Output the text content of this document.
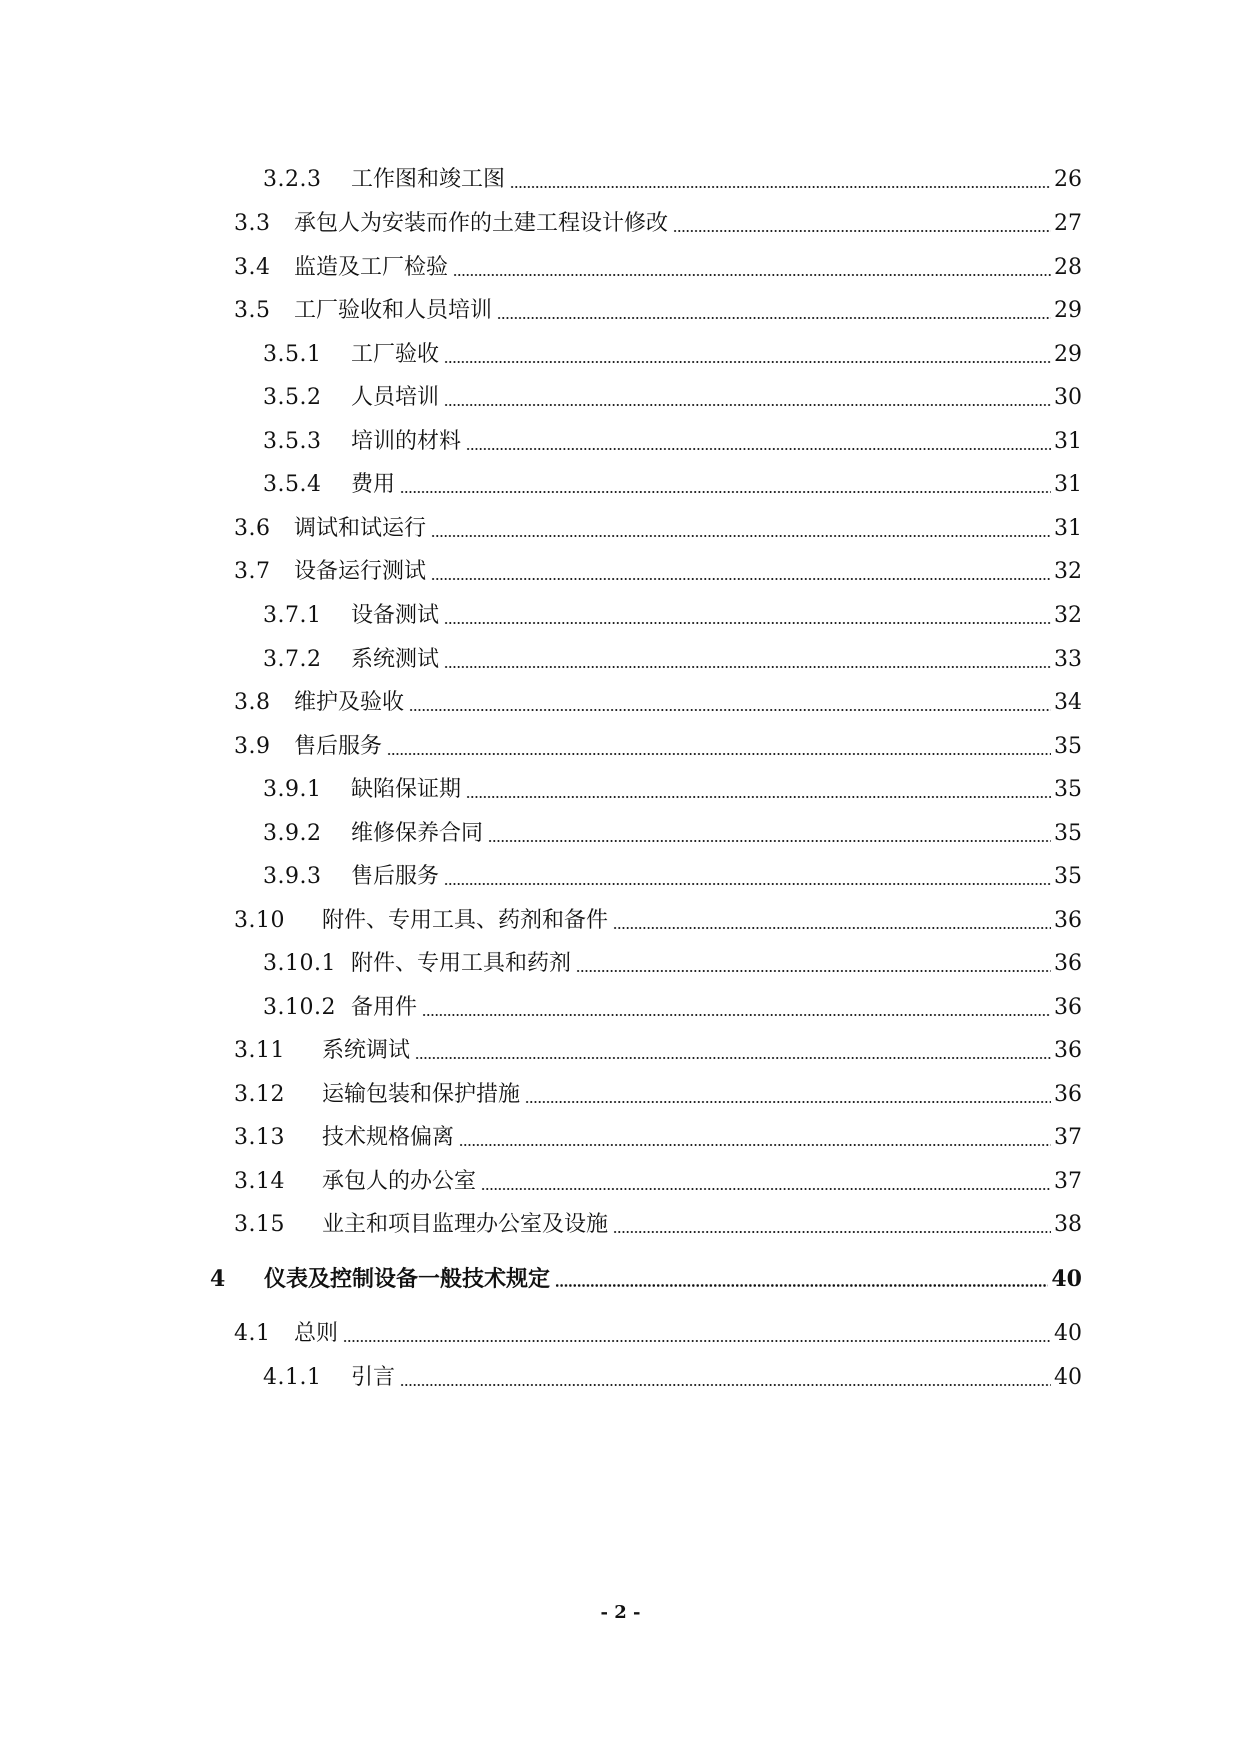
3.2.3	工作图和竣工图	26
3.3	承包人为安装而作的土建工程设计修改	27
3.4	监造及工厂检验	28
3.5	工厂验收和人员培训	29
3.5.1	工厂验收	29
3.5.2	人员培训	30
3.5.3	培训的材料	31
3.5.4	费用	31
3.6	调试和试运行	31
3.7	设备运行测试	32
3.7.1	设备测试	32
3.7.2	系统测试	33
3.8	维护及验收	34
3.9	售后服务	35
3.9.1	缺陷保证期	35
3.9.2	维修保养合同	35
3.9.3	售后服务	35
3.10	附件、专用工具、药剂和备件	36
3.10.1 附件、专用工具和药剂	36
3.10.2 备用件	36
3.11	系统调试	36
3.12	运输包装和保护措施	36
3.13	技术规格偏离	37
3.14	承包人的办公室	37
3.15	业主和项目监理办公室及设施	38
4	仪表及控制设备一般技术规定	40
4.1	总则	40
4.1.1	引言	40
- 2 -
